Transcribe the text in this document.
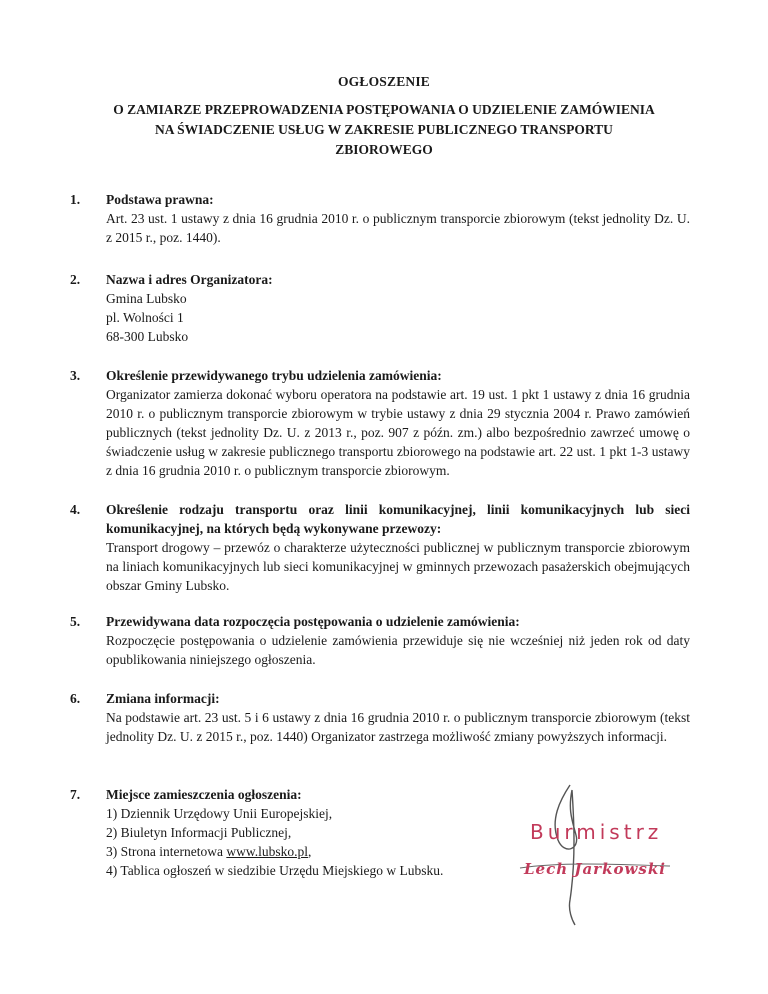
OGŁOSZENIE
O ZAMIARZE PRZEPROWADZENIA POSTĘPOWANIA O UDZIELENIE ZAMÓWIENIA
NA ŚWIADCZENIE USŁUG W ZAKRESIE PUBLICZNEGO TRANSPORTU
ZBIOROWEGO
1.	Podstawa prawna:
Art. 23 ust. 1 ustawy z dnia 16 grudnia 2010 r. o publicznym transporcie zbiorowym (tekst jednolity Dz. U. z 2015 r., poz. 1440).
2.	Nazwa i adres Organizatora:
Gmina Lubsko
pl. Wolności 1
68-300 Lubsko
3.	Określenie przewidywanego trybu udzielenia zamówienia:
Organizator zamierza dokonać wyboru operatora na podstawie art. 19 ust. 1 pkt 1 ustawy z dnia 16 grudnia 2010 r. o publicznym transporcie zbiorowym w trybie ustawy z dnia 29 stycznia 2004 r. Prawo zamówień publicznych (tekst jednolity Dz. U. z 2013 r., poz. 907 z późn. zm.) albo bezpośrednio zawrzeć umowę o świadczenie usług w zakresie publicznego transportu zbiorowego na podstawie art. 22 ust. 1 pkt 1-3 ustawy z dnia 16 grudnia 2010 r. o publicznym transporcie zbiorowym.
4.	Określenie rodzaju transportu oraz linii komunikacyjnej, linii komunikacyjnych lub sieci komunikacyjnej, na których będą wykonywane przewozy:
Transport drogowy – przewóz o charakterze użyteczności publicznej w publicznym transporcie zbiorowym na liniach komunikacyjnych lub sieci komunikacyjnej w gminnych przewozach pasażerskich obejmujących obszar Gminy Lubsko.
5.	Przewidywana data rozpoczęcia postępowania o udzielenie zamówienia:
Rozpoczęcie postępowania o udzielenie zamówienia przewiduje się nie wcześniej niż jeden rok od daty opublikowania niniejszego ogłoszenia.
6.	Zmiana informacji:
Na podstawie art. 23 ust. 5 i 6 ustawy z dnia 16 grudnia 2010 r. o publicznym transporcie zbiorowym (tekst jednolity Dz. U. z 2015 r., poz. 1440) Organizator zastrzega możliwość zmiany powyższych informacji.
7.	Miejsce zamieszczenia ogłoszenia:
1) Dziennik Urzędowy Unii Europejskiej,
2) Biuletyn Informacji Publicznej,
3) Strona internetowa www.lubsko.pl,
4) Tablica ogłoszeń w siedzibie Urzędu Miejskiego w Lubsku.
Burmistrz
Lech Jarkowski
